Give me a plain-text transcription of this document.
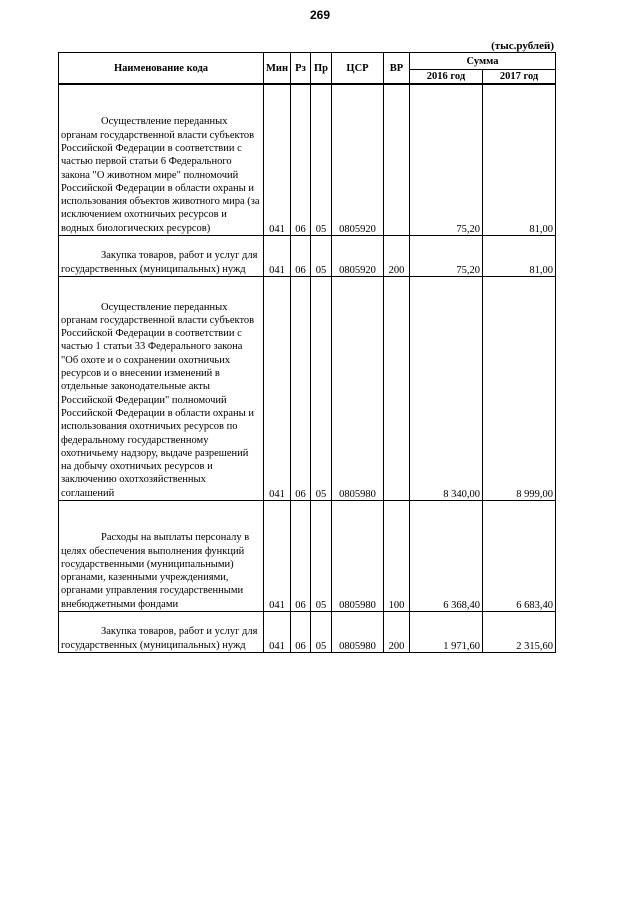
269
(тыс.рублей)
Наименование кода	Мин	Рз	Пр	ЦСР	ВР	Сумма	
						2016 год	2017 год

Осуществление переданных органам государственной власти субъектов Российской Федерации в соответствии с частью первой статьи 6 Федерального закона "О животном мире" полномочий Российской Федерации в области охраны и использования объектов животного мира (за исключением охотничьих ресурсов и водных биологических ресурсов)	041	06	05	0805920		75,20	81,00

Закупка товаров, работ и услуг для государственных (муниципальных) нужд	041	06	05	0805920	200	75,20	81,00

Осуществление переданных органам государственной власти субъектов Российской Федерации в соответствии с частью 1 статьи 33 Федерального закона "Об охоте и о сохранении охотничьих ресурсов и о внесении изменений в отдельные законодательные акты Российской Федерации" полномочий Российской Федерации в области охраны и использования охотничьих ресурсов по федеральному государственному охотничьему надзору, выдаче разрешений на добычу охотничьих ресурсов и заключению охотхозяйственных соглашений	041	06	05	0805980		8 340,00	8 999,00

Расходы на выплаты персоналу в целях обеспечения выполнения функций государственными (муниципальными) органами, казенными учреждениями, органами управления государственными внебюджетными фондами	041	06	05	0805980	100	6 368,40	6 683,40

Закупка товаров, работ и услуг для государственных (муниципальных) нужд	041	06	05	0805980	200	1 971,60	2 315,60
